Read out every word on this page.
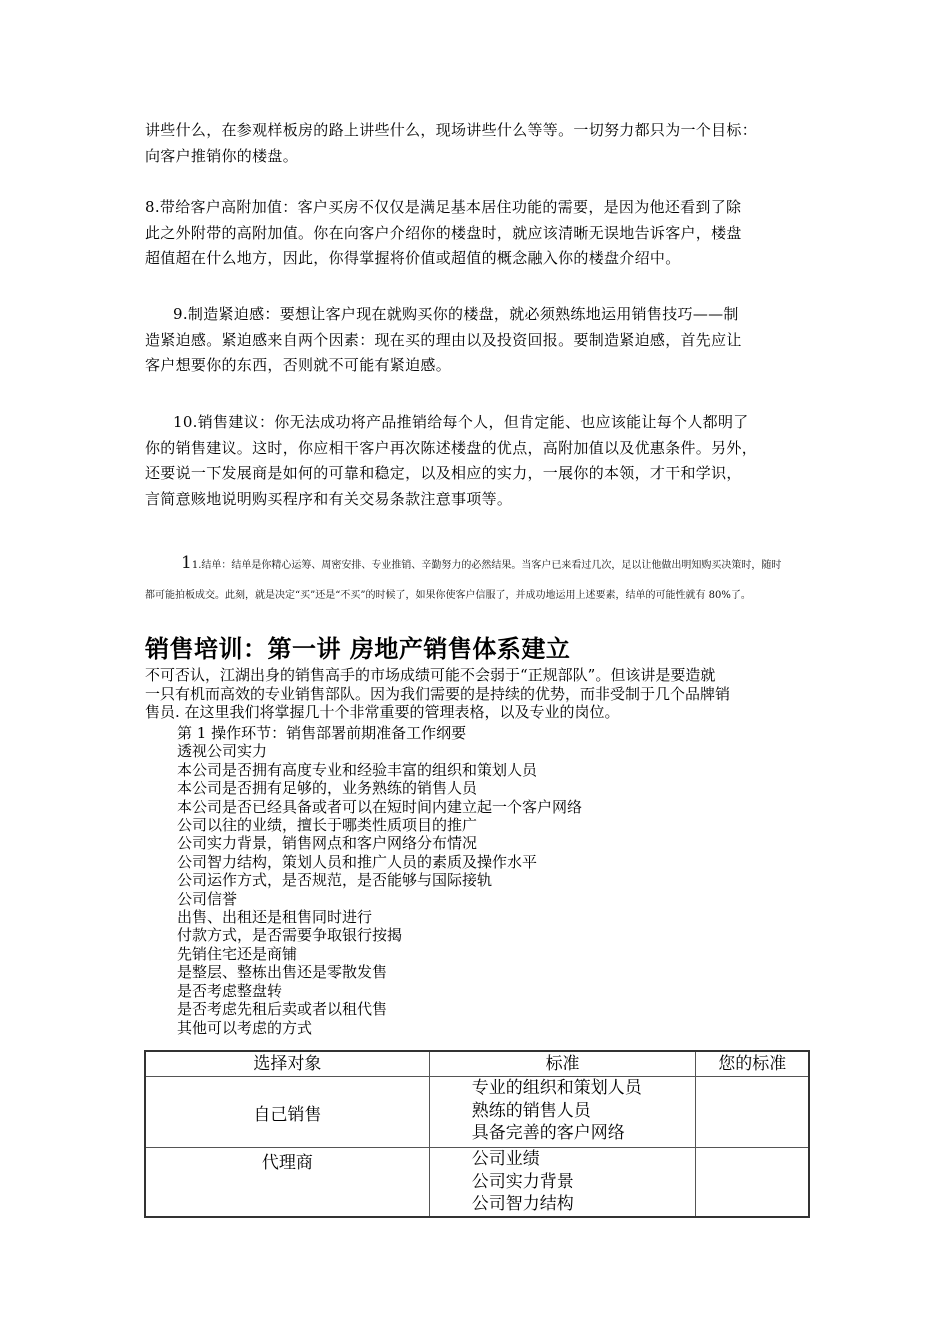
讲些什么，在参观样板房的路上讲些什么，现场讲些什么等等。一切努力都只为一个目标：
向客户推销你的楼盘。
8.带给客户高附加值：客户买房不仅仅是满足基本居住功能的需要，是因为他还看到了除
此之外附带的高附加值。你在向客户介绍你的楼盘时，就应该清晰无误地告诉客户，楼盘
超值超在什么地方，因此，你得掌握将价值或超值的概念融入你的楼盘介绍中。
9.制造紧迫感：要想让客户现在就购买你的楼盘，就必须熟练地运用销售技巧——制
造紧迫感。紧迫感来自两个因素：现在买的理由以及投资回报。要制造紧迫感，首先应让
客户想要你的东西，否则就不可能有紧迫感。
10.销售建议：你无法成功将产品推销给每个人，但肯定能、也应该能让每个人都明了
你的销售建议。这时，你应相干客户再次陈述楼盘的优点，高附加值以及优惠条件。另外，
还要说一下发展商是如何的可靠和稳定，以及相应的实力，一展你的本领，才干和学识，
言简意赅地说明购买程序和有关交易条款注意事项等。
11.结单：结单是你精心运筹、周密安排、专业推销、辛勤努力的必然结果。当客户已来看过几次，足以让他做出明知购买决策时，随时
都可能拍板成交。此刻，就是决定“买”还是“不买”的时候了，如果你使客户信服了，并成功地运用上述要素，结单的可能性就有 80%了。
销售培训：第一讲 房地产销售体系建立
不可否认，江湖出身的销售高手的市场成绩可能不会弱于“正规部队”。但该讲是要造就
一只有机而高效的专业销售部队。因为我们需要的是持续的优势，而非受制于几个品牌销
售员. 在这里我们将掌握几十个非常重要的管理表格，以及专业的岗位。
第 1 操作环节：销售部署前期准备工作纲要
透视公司实力
本公司是否拥有高度专业和经验丰富的组织和策划人员
本公司是否拥有足够的，业务熟练的销售人员
本公司是否已经具备或者可以在短时间内建立起一个客户网络
公司以往的业绩，擅长于哪类性质项目的推广
公司实力背景，销售网点和客户网络分布情况
公司智力结构，策划人员和推广人员的素质及操作水平
公司运作方式，是否规范，是否能够与国际接轨
公司信誉
出售、出租还是租售同时进行
付款方式，是否需要争取银行按揭
先销住宅还是商铺
是整层、整栋出售还是零散发售
是否考虑整盘转
是否考虑先租后卖或者以租代售
其他可以考虑的方式
选择对象	标准	您的标准

自己销售	专业的组织和策划人员
熟练的销售人员
具备完善的客户网络	

代理商	公司业绩
公司实力背景
公司智力结构	
